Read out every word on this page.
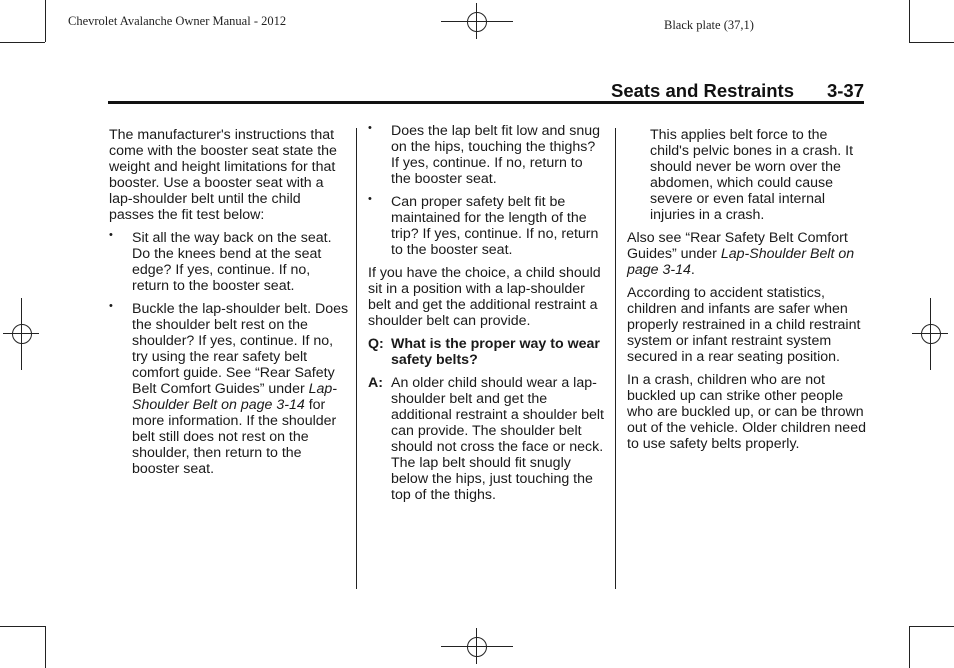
Chevrolet Avalanche Owner Manual - 2012	Black plate (37,1)
Seats and Restraints 3-37

The manufacturer's instructions that come with the booster seat state the weight and height limitations for that booster. Use a booster seat with a lap-shoulder belt until the child passes the fit test below:

• Sit all the way back on the seat. Do the knees bend at the seat edge? If yes, continue. If no, return to the booster seat.
• Buckle the lap-shoulder belt. Does the shoulder belt rest on the shoulder? If yes, continue. If no, try using the rear safety belt comfort guide. See “Rear Safety Belt Comfort Guides” under Lap-Shoulder Belt on page 3-14 for more information. If the shoulder belt still does not rest on the shoulder, then return to the booster seat.
• Does the lap belt fit low and snug on the hips, touching the thighs? If yes, continue. If no, return to the booster seat.
• Can proper safety belt fit be maintained for the length of the trip? If yes, continue. If no, return to the booster seat.

If you have the choice, a child should sit in a position with a lap-shoulder belt and get the additional restraint a shoulder belt can provide.

Q: What is the proper way to wear safety belts?
A: An older child should wear a lap-shoulder belt and get the additional restraint a shoulder belt can provide. The shoulder belt should not cross the face or neck. The lap belt should fit snugly below the hips, just touching the top of the thighs.

This applies belt force to the child's pelvic bones in a crash. It should never be worn over the abdomen, which could cause severe or even fatal internal injuries in a crash.

Also see “Rear Safety Belt Comfort Guides” under Lap-Shoulder Belt on page 3-14.

According to accident statistics, children and infants are safer when properly restrained in a child restraint system or infant restraint system secured in a rear seating position.

In a crash, children who are not buckled up can strike other people who are buckled up, or can be thrown out of the vehicle. Older children need to use safety belts properly.
